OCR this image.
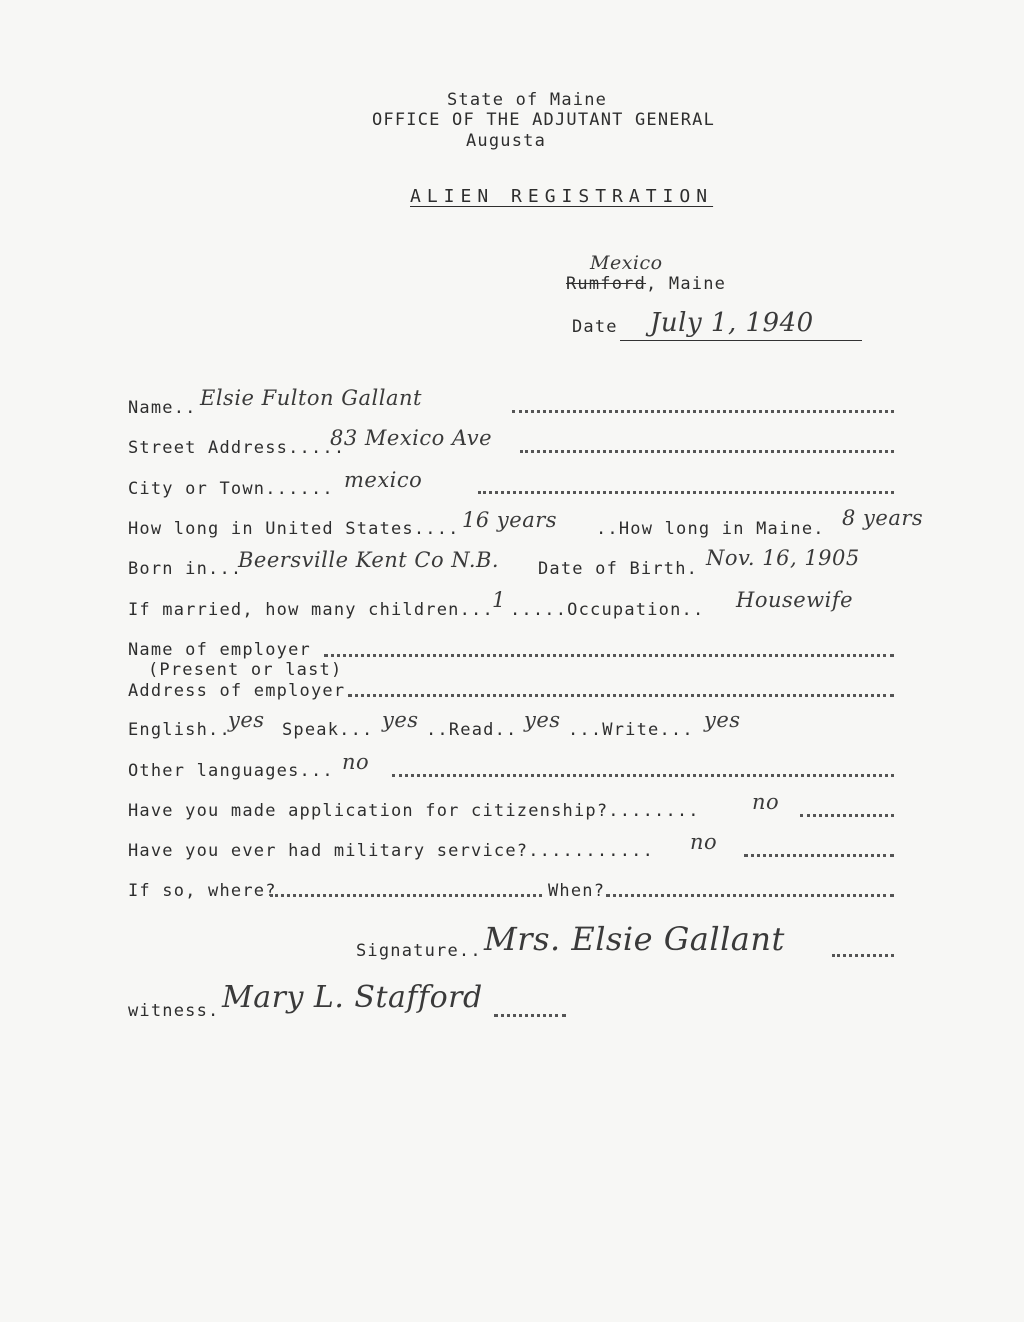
State of Maine
OFFICE OF THE ADJUTANT GENERAL
Augusta
ALIEN REGISTRATION
Mexico
Rumford, Maine
Date July 1, 1940
Name.. Elsie Fulton Gallant
Street Address.....
83 Mexico Ave
City or Town...... mexico
How long in United States.... 16 years ..How long in Maine. 8 years
Born in...
Beersville Kent Co N.B. Date of Birth. Nov. 16, 1905
If married, how many children...
1 .....Occupation.. Housewife
Name of employer
(Present or last)
Address of employer
English..
yes Speak... yes ..Read.. yes ...Write... yes
Other languages... no
Have you made application for citizenship?........ no
Have you ever had military service?........... no
If so, where?	When?
Signature.. Mrs. Elsie Gallant
witness. Mary L. Stafford
